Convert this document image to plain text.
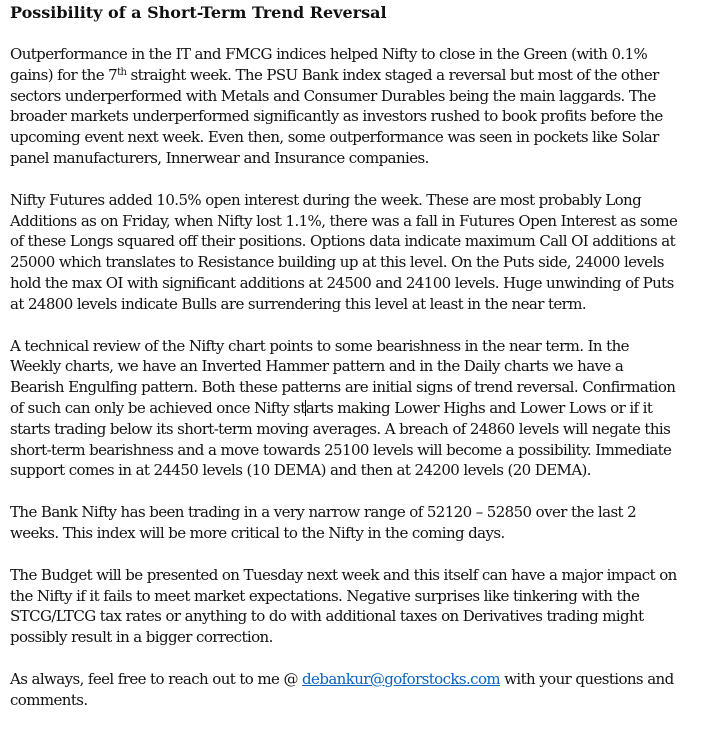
Possibility of a Short-Term Trend Reversal
Outperformance in the IT and FMCG indices helped Nifty to close in the Green (with 0.1% gains) for the 7th straight week. The PSU Bank index staged a reversal but most of the other sectors underperformed with Metals and Consumer Durables being the main laggards. The broader markets underperformed significantly as investors rushed to book profits before the upcoming event next week. Even then, some outperformance was seen in pockets like Solar panel manufacturers, Innerwear and Insurance companies.
Nifty Futures added 10.5% open interest during the week. These are most probably Long Additions as on Friday, when Nifty lost 1.1%, there was a fall in Futures Open Interest as some of these Longs squared off their positions. Options data indicate maximum Call OI additions at 25000 which translates to Resistance building up at this level. On the Puts side, 24000 levels hold the max OI with significant additions at 24500 and 24100 levels. Huge unwinding of Puts at 24800 levels indicate Bulls are surrendering this level at least in the near term.
A technical review of the Nifty chart points to some bearishness in the near term. In the Weekly charts, we have an Inverted Hammer pattern and in the Daily charts we have a Bearish Engulfing pattern. Both these patterns are initial signs of trend reversal. Confirmation of such can only be achieved once Nifty starts making Lower Highs and Lower Lows or if it starts trading below its short-term moving averages. A breach of 24860 levels will negate this short-term bearishness and a move towards 25100 levels will become a possibility. Immediate support comes in at 24450 levels (10 DEMA) and then at 24200 levels (20 DEMA).
The Bank Nifty has been trading in a very narrow range of 52120 – 52850 over the last 2 weeks. This index will be more critical to the Nifty in the coming days.
The Budget will be presented on Tuesday next week and this itself can have a major impact on the Nifty if it fails to meet market expectations. Negative surprises like tinkering with the STCG/LTCG tax rates or anything to do with additional taxes on Derivatives trading might possibly result in a bigger correction.
As always, feel free to reach out to me @ debankur@goforstocks.com with your questions and comments.
